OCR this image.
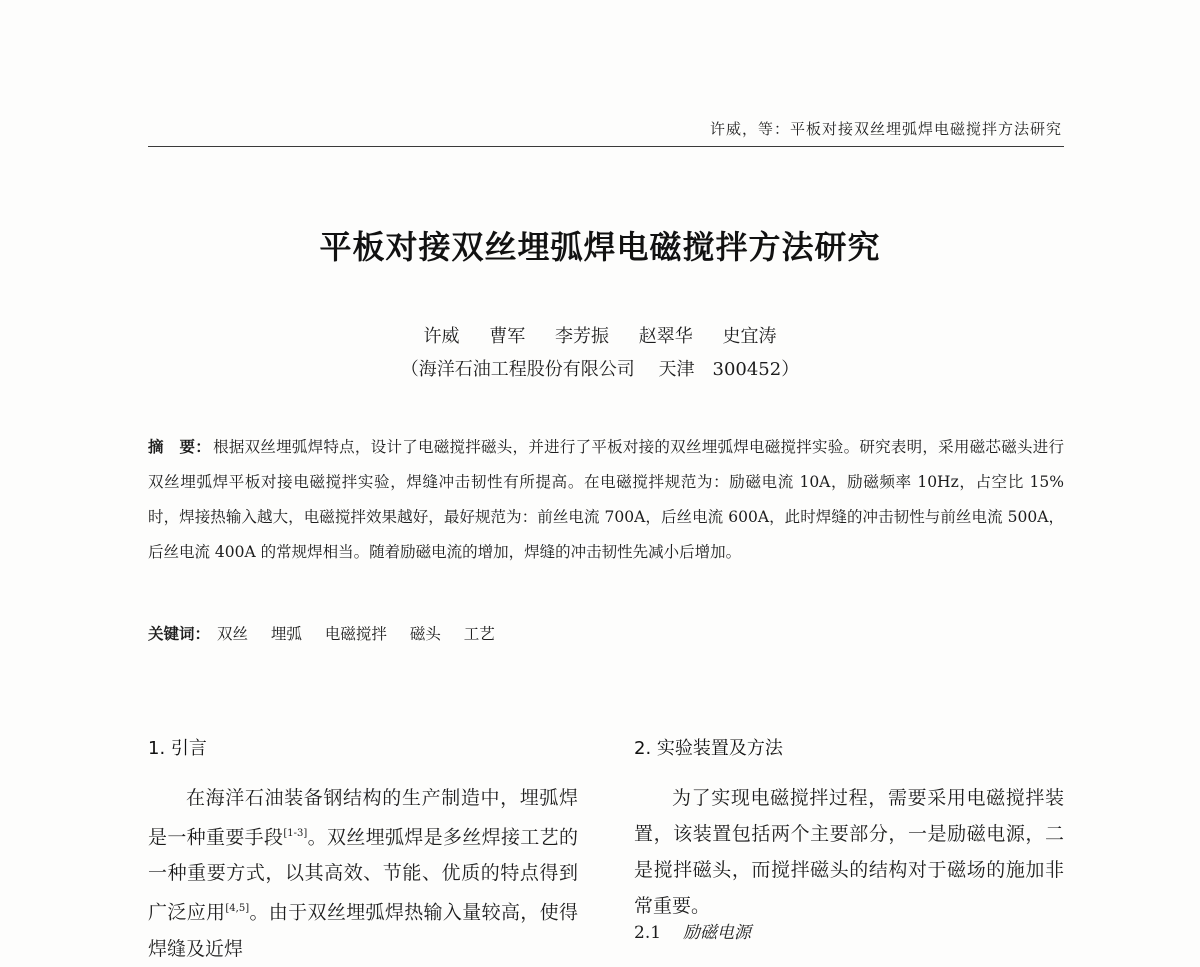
许威，等：平板对接双丝埋弧焊电磁搅拌方法研究
平板对接双丝埋弧焊电磁搅拌方法研究
许威 曹军 李芳振 赵翠华 史宜涛
（海洋石油工程股份有限公司　 天津　300452）
摘　要： 根据双丝埋弧焊特点，设计了电磁搅拌磁头，并进行了平板对接的双丝埋弧焊电磁搅拌实验。研究表明，采用磁芯磁头进行双丝埋弧焊平板对接电磁搅拌实验，焊缝冲击韧性有所提高。在电磁搅拌规范为：励磁电流 10A，励磁频率 10Hz，占空比 15% 时，焊接热输入越大，电磁搅拌效果越好，最好规范为：前丝电流 700A，后丝电流 600A，此时焊缝的冲击韧性与前丝电流 500A，后丝电流 400A 的常规焊相当。随着励磁电流的增加，焊缝的冲击韧性先减小后增加。
关键词： 双丝 埋弧 电磁搅拌 磁头 工艺
1. 引言

在海洋石油装备钢结构的生产制造中，埋弧焊是一种重要手段[1-3]。双丝埋弧焊是多丝焊接工艺的一种重要方式，以其高效、节能、优质的特点得到广泛应用[4,5]。由于双丝埋弧焊热输入量较高，使得焊缝及近焊

2. 实验装置及方法

为了实现电磁搅拌过程，需要采用电磁搅拌装置，该装置包括两个主要部分，一是励磁电源，二是搅拌磁头，而搅拌磁头的结构对于磁场的施加非常重要。

2.1 励磁电源
